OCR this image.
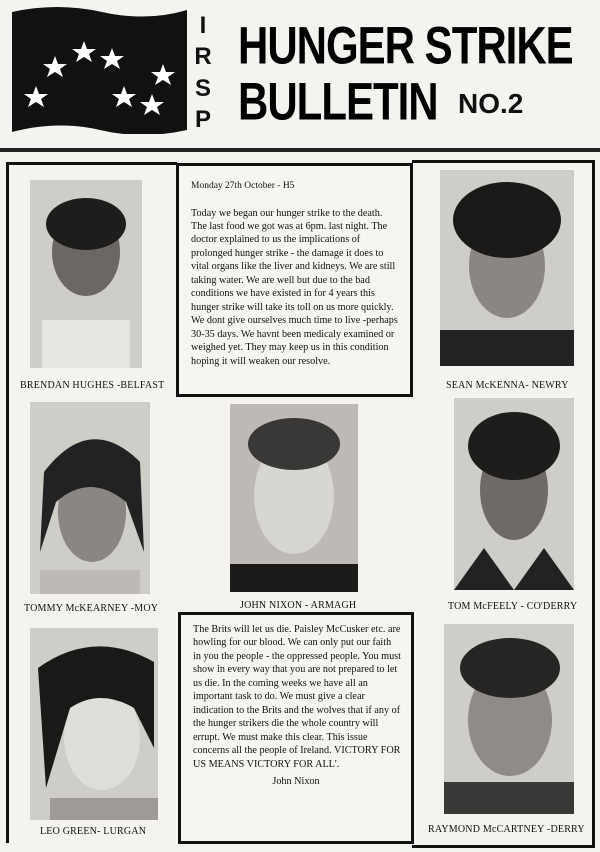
I
R
S
P
HUNGER STRIKE
BULLETIN NO.2
BRENDAN HUGHES -BELFAST
Monday 27th October - H5
Today we began our hunger strike to the death. The last food we got was at 6pm. last night. The doctor explained to us the implications of prolonged hunger strike - the damage it does to vital organs like the liver and kidneys. We are still taking water. We are well but due to the bad conditions we have existed in for 4 years this hunger strike will take its toll on us more quickly. We dont give ourselves much time to live -perhaps 30-35 days. We havnt been medicaly examined or weighed yet. They may keep us in this condition hoping it will weaken our resolve.
SEAN McKENNA- NEWRY
TOMMY McKEARNEY -MOY	JOHN NIXON - ARMAGH	TOM McFEELY - CO'DERRY
LEO GREEN- LURGAN
The Brits will let us die. Paisley McCusker etc. are howling for our blood. We can only put our faith in you the people - the oppressed people. You must show in every way that you are not prepared to let us die. In the coming weeks we have all an important task to do. We must give a clear indication to the Brits and the wolves that if any of the hunger strikers die the whole country will errupt. We must make this clear. This issue concerns all the people of Ireland. VICTORY FOR US MEANS VICTORY FOR ALL'.
John Nixon
RAYMOND McCARTNEY -DERRY
